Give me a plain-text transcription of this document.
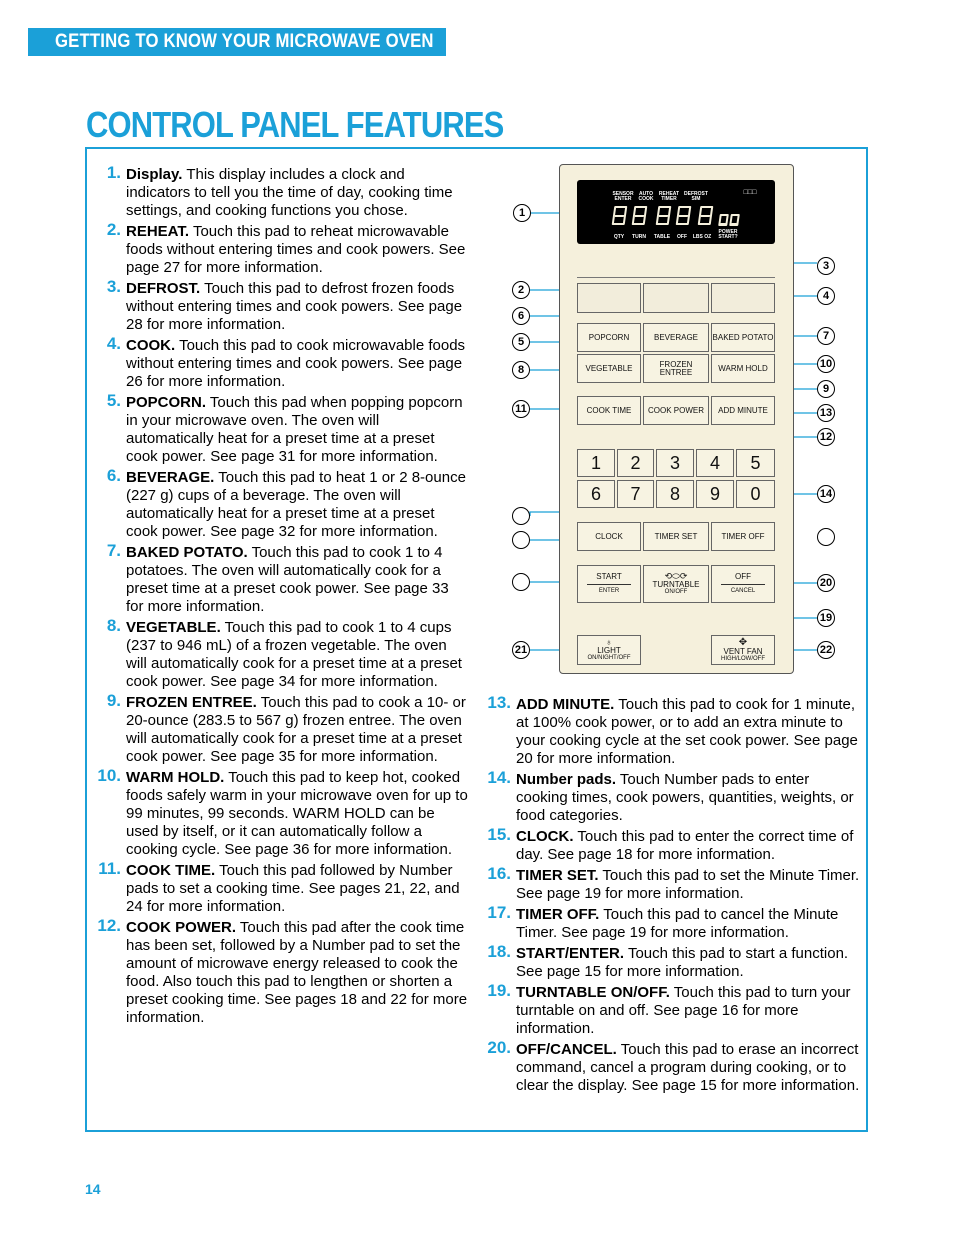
GETTING TO KNOW YOUR MICROWAVE OVEN
CONTROL PANEL FEATURES
1. Display. This display includes a clock and indicators to tell you the time of day, cooking time settings, and cooking functions you chose.
2. REHEAT. Touch this pad to reheat microwavable foods without entering times and cook powers. See page 27 for more information.
3. DEFROST. Touch this pad to defrost frozen foods without entering times and cook powers. See page 28 for more information.
4. COOK. Touch this pad to cook microwavable foods without entering times and cook powers. See page 26 for more information.
5. POPCORN. Touch this pad when popping popcorn in your microwave oven. The oven will automatically heat for a preset time at a preset cook power. See page 31 for more information.
6. BEVERAGE. Touch this pad to heat 1 or 2 8-ounce (227 g) cups of a beverage. The oven will automatically heat for a preset time at a preset cook power. See page 32 for more information.
7. BAKED POTATO. Touch this pad to cook 1 to 4 potatoes. The oven will automatically cook for a preset time at a preset cook power. See page 33 for more information.
8. VEGETABLE. Touch this pad to cook 1 to 4 cups (237 to 946 mL) of a frozen vegetable. The oven will automatically cook for a preset time at a preset cook power. See page 34 for more information.
9. FROZEN ENTREE. Touch this pad to cook a 10- or 20-ounce (283.5 to 567 g) frozen entree. The oven will automatically cook for a preset time at a preset cook power. See page 35 for more information.
10. WARM HOLD. Touch this pad to keep hot, cooked foods safely warm in your microwave oven for up to 99 minutes, 99 seconds. WARM HOLD can be used by itself, or it can automatically follow a cooking cycle. See page 36 for more information.
11. COOK TIME. Touch this pad followed by Number pads to set a cooking time. See pages 21, 22, and 24 for more information.
12. COOK POWER. Touch this pad after the cook time has been set, followed by a Number pad to set the amount of microwave energy released to cook the food. Also touch this pad to lengthen or shorten a preset cooking time. See pages 18 and 22 for more information.
13. ADD MINUTE. Touch this pad to cook for 1 minute, at 100% cook power, or to add an extra minute to your cooking cycle at the set cook power. See page 20 for more information.
14. Number pads. Touch Number pads to enter cooking times, cook powers, quantities, weights, or food categories.
15. CLOCK. Touch this pad to enter the correct time of day. See page 18 for more information.
16. TIMER SET. Touch this pad to set the Minute Timer. See page 19 for more information.
17. TIMER OFF. Touch this pad to cancel the Minute Timer. See page 19 for more information.
18. START/ENTER. Touch this pad to start a function. See page 15 for more information.
19. TURNTABLE ON/OFF. Touch this pad to turn your turntable on and off. See page 16 for more information.
20. OFF/CANCEL. Touch this pad to erase an incorrect command, cancel a program during cooking, or to clear the display. See page 15 for more information.
SENSOR ENTER
AUTO COOK
REHEAT TIMER
DEFROST SIM
QTY	TURN	TABLE	OFF	LBS OZ
POWER START?
□□□
POPCORN	BEVERAGE	BAKED POTATO
VEGETABLE	FROZEN ENTREE	WARM HOLD
COOK TIME	COOK POWER	ADD MINUTE
1	2	3	4	5
6	7	8	9	0
CLOCK	TIMER SET	TIMER OFF
START
ENTER
⟲⬭⟳
TURNTABLE
ON/OFF
OFF
CANCEL
♁
LIGHT
ON/NIGHT/OFF
✥
VENT FAN
HIGH/LOW/OFF
1
3
2	4
6
7
5
10
8
9
11	13
12
14
20
19
21	22
14
